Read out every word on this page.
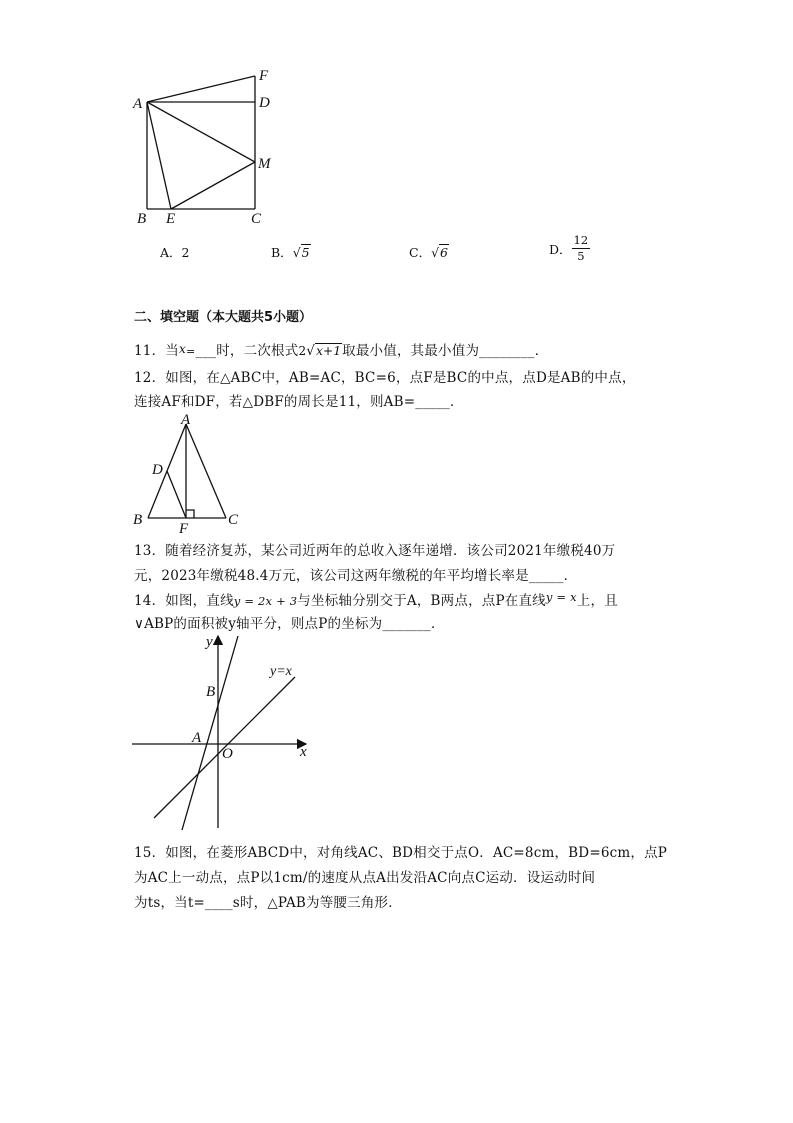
A
F
D
M
B E	C
A．2	B．√5	C．√6	D． $\frac{12}{5}$
二、填空题（本大题共5小题）
11．当x=___时，二次根式2√x+1取最小值，其最小值为________．
12．如图，在△ABC中，AB=AC，BC=6，点F是BC的中点，点D是AB的中点，
连接AF和DF，若△DBF的周长是11，则AB=_____．
A
D
B
F
C
13．随着经济复苏，某公司近两年的总收入逐年递增．该公司2021年缴税40万
元，2023年缴税48.4万元，该公司这两年缴税的年平均增长率是_____．
14．如图，直线y = 2x + 3与坐标轴分别交于A，B两点，点P在直线y = x上，且
∨ABP的面积被y轴平分，则点P的坐标为_______．
y
x
O
A
B
y=x
15．如图，在菱形ABCD中，对角线AC、BD相交于点O．AC=8cm，BD=6cm，点P
为AC上一动点，点P以1cm/的速度从点A出发沿AC向点C运动．设运动时间
为ts，当t=____s时，△PAB为等腰三角形．
